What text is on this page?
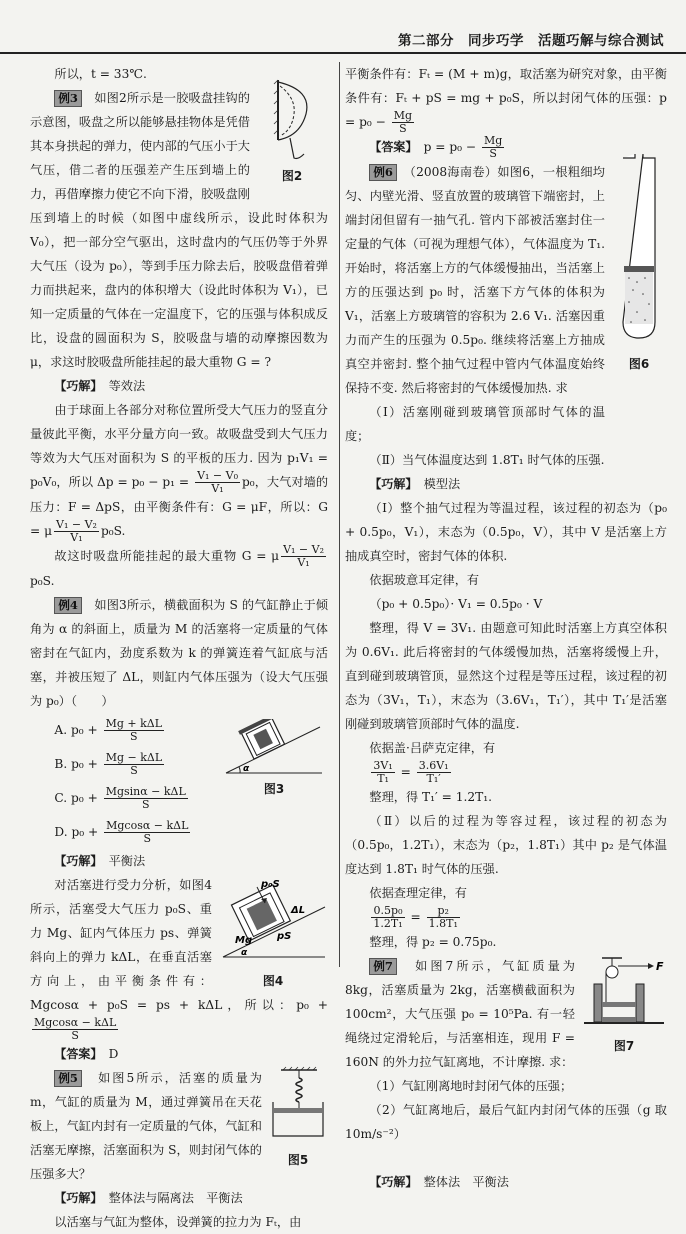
第二部分　同步巧学　活题巧解与综合测试
所以，t = 33℃.
图2
例3　如图2所示是一胶吸盘挂钩的示意图，吸盘之所以能够悬挂物体是凭借其本身拱起的弹力，使内部的气压小于大气压，借二者的压强差产生压到墙上的力，再借摩擦力使它不向下滑，胶吸盘刚压到墙上的时候（如图中虚线所示，设此时体积为 V₀），把一部分空气驱出，这时盘内的气压仍等于外界大气压（设为 p₀），等到手压力除去后，胶吸盘借着弹力而拱起来，盘内的体积增大（设此时体积为 V₁），已知一定质量的气体在一定温度下，它的压强与体积成反比，设盘的圆面积为 S，胶吸盘与墙的动摩擦因数为 μ，求这时胶吸盘所能挂起的最大重物 G = ?
【巧解】　等效法
由于球面上各部分对称位置所受大气压力的竖直分量彼此平衡，水平分量方向一致。故吸盘受到大气压力等效为大气压对面积为 S 的平板的压力. 因为 p₁V₁ = p₀V₀，所以 $\Delta p = p_0 - p_1 = \frac{\text{V₁ − V₀}}{\text{V₁}} p_0$，大气对墙的压力：F = ΔpS，由平衡条件有：G = μF，所以：G = μ $\frac{\text{V₁ − V₂}}{\text{V₁}} p_0S$.
故这时吸盘所能挂起的最大重物 G = μ $\frac{\text{V₁ − V₂}}{\text{V₁}}$
p₀S.
例4　如图3所示，横截面积为 S 的气缸静止于倾角为 α 的斜面上，质量为 M 的活塞将一定质量的气体密封在气缸内，劲度系数为 k 的弹簧连着气缸底与活塞，并被压短了 ΔL，则缸内气体压强为（设大气压强为 p₀）（　　）
α
图3
A. $p_0 + \frac{\text{Mg + kΔL}}{S}$
B. $p_0 + \frac{\text{Mg − kΔL}}{S}$
C. $p_0 + \frac{\text{Mgsinα − kΔL}}{S}$
D. $p_0 + \frac{\text{Mgcosα − kΔL}}{S}$
【巧解】　平衡法
p₀S
ΔL
Mg pS
α
图4
对活塞进行受力分析，如图4所示，活塞受大气压力 p₀S、重力 Mg、缸内气体压力 ps、弹簧斜向上的弹力 kΔL，在垂直活塞方向上，由平衡条件有：Mgcosα + p₀S = ps + kΔL，所以：p₀ +
$\frac{\text{Mgcosα − kΔL}}{S}$
【答案】　D
图5
例5　如图5所示，活塞的质量为 m，气缸的质量为 M，通过弹簧吊在天花板上，气缸内封有一定质量的气体，气缸和活塞无摩擦，活塞面积为 S，则封闭气体的压强多大？
【巧解】　整体法与隔离法　平衡法
以活塞与气缸为整体，设弹簧的拉力为 Fₜ，由
平衡条件有：Fₜ = (M + m)g，取活塞为研究对象，由平衡条件有：Fₜ + pS = mg + p₀S，所以封闭气体的压强：$p = p_0 - \frac{Mg}{S}$
【答案】　$p = p_0 - \frac{Mg}{S}$
图6
例6　（2008海南卷）如图6，一根粗细均匀、内壁光滑、竖直放置的玻璃管下端密封，上端封闭但留有一抽气孔. 管内下部被活塞封住一定量的气体（可视为理想气体），气体温度为 T₁. 开始时，将活塞上方的气体缓慢抽出，当活塞上方的压强达到 p₀ 时，活塞下方气体的体积为 V₁，活塞上方玻璃管的容积为 2.6 V₁. 活塞因重力而产生的压强为 0.5p₀. 继续将活塞上方抽成真空并密封. 整个抽气过程中管内气体温度始终保持不变. 然后将密封的气体缓慢加热. 求
（Ⅰ）活塞刚碰到玻璃管顶部时气体的温度；
（Ⅱ）当气体温度达到 1.8T₁ 时气体的压强.
【巧解】　模型法
（Ⅰ）整个抽气过程为等温过程，该过程的初态为（p₀ + 0.5p₀，V₁），末态为（0.5p₀，V），其中 V 是活塞上方抽成真空时，密封气体的体积.
依据玻意耳定律，有
（p₀ + 0.5p₀）· V₁ = 0.5p₀ · V
整理，得 V = 3V₁. 由题意可知此时活塞上方真空体积为 0.6V₁. 此后将密封的气体缓慢加热，活塞将缓慢上升，直到碰到玻璃管顶，显然这个过程是等压过程，该过程的初态为（3V₁，T₁），末态为（3.6V₁，T₁′），其中 T₁′是活塞刚碰到玻璃管顶部时气体的温度.
依据盖·吕萨克定律，有
$\frac{\text{3V₁}}{\text{T₁}} = \frac{\text{3.6V₁}}{\text{T₁′}}$
整理，得 T₁′ = 1.2T₁.
（Ⅱ）以后的过程为等容过程，该过程的初态为（0.5p₀，1.2T₁），末态为（p₂，1.8T₁）其中 p₂ 是气体温度达到 1.8T₁ 时气体的压强.
依据查理定律，有
$\frac{\text{0.5p₀}}{\text{1.2T₁}} = \frac{\text{p₂}}{\text{1.8T₁}}$
整理，得 p₂ = 0.75p₀.
F
图7
例7　如图7所示，气缸质量为 8kg，活塞质量为 2kg，活塞横截面积为 100cm²，大气压强 p₀ = 10⁵Pa. 有一轻绳绕过定滑轮后，与活塞相连，现用 F = 160N 的外力拉气缸离地，不计摩擦. 求：
（1）气缸刚离地时封闭气体的压强；
（2）气缸离地后，最后气缸内封闭气体的压强（g 取 10m/s⁻²）
【巧解】　整体法　平衡法
